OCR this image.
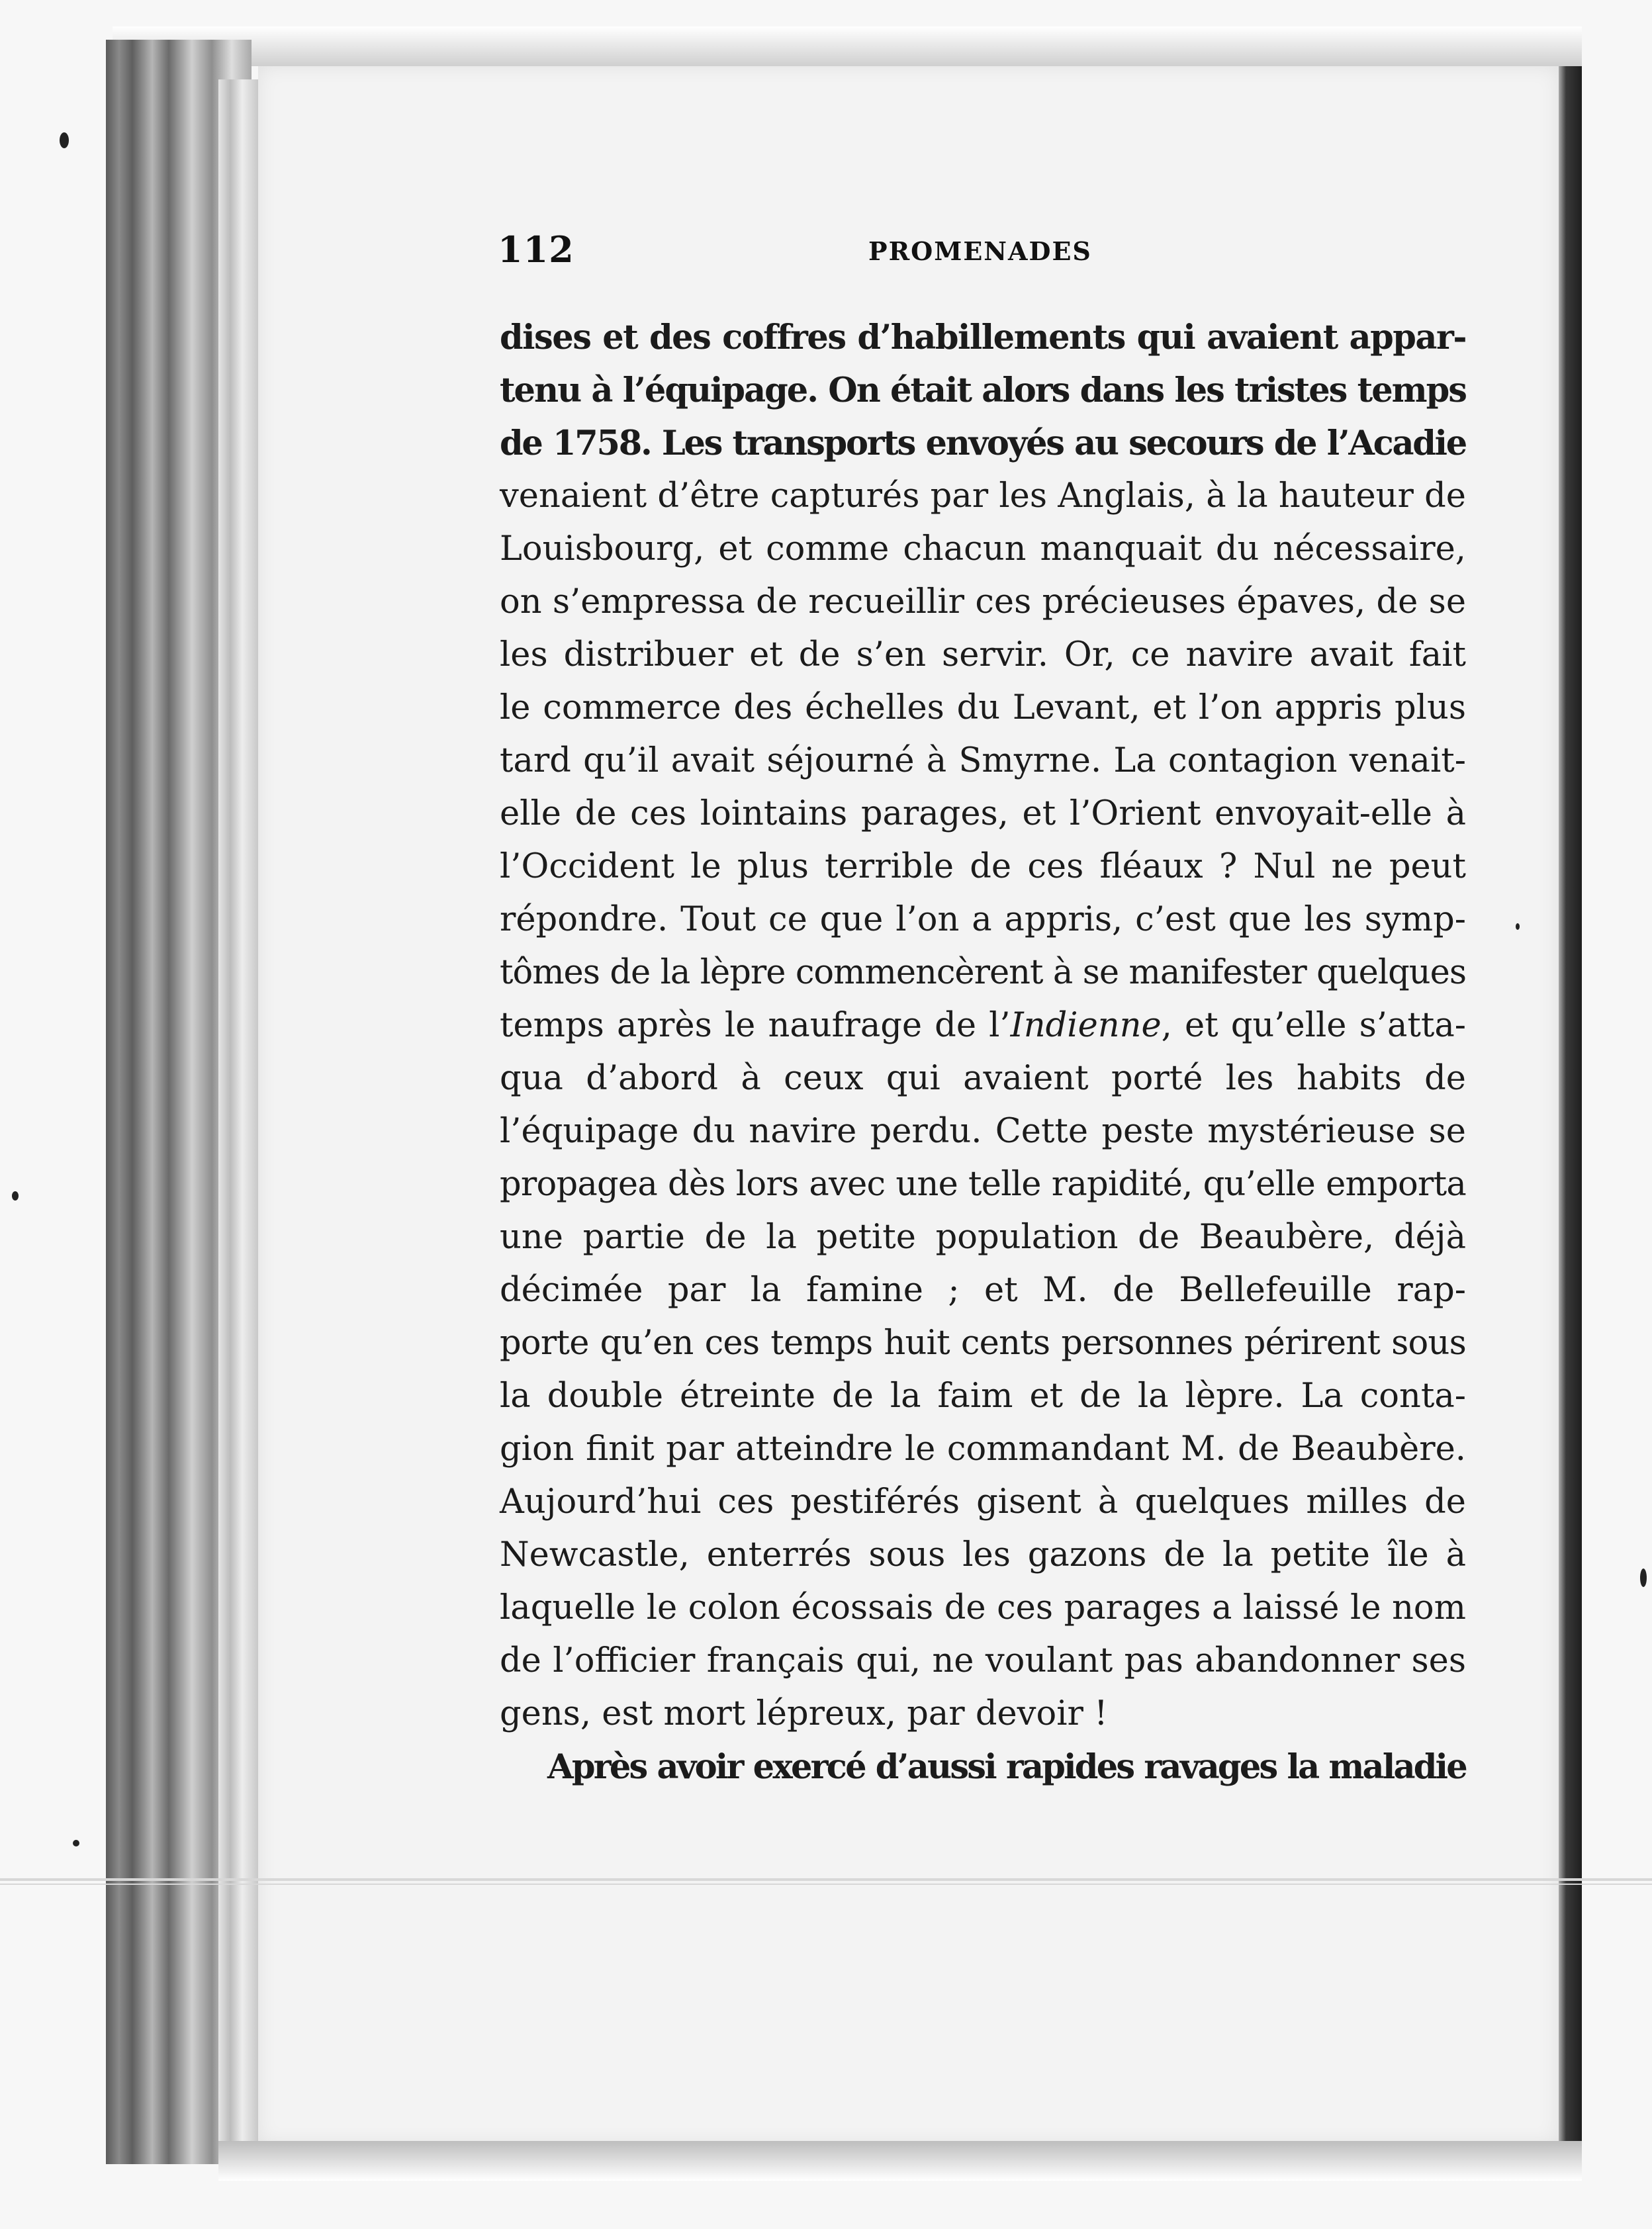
112	PROMENADES
dises et des coffres d’habillements qui avaient appar-
tenu à l’équipage. On était alors dans les tristes temps
de 1758. Les transports envoyés au secours de l’Acadie
venaient d’être capturés par les Anglais, à la hauteur de
Louisbourg, et comme chacun manquait du nécessaire,
on s’empressa de recueillir ces précieuses épaves, de se
les distribuer et de s’en servir. Or, ce navire avait fait
le commerce des échelles du Levant, et l’on appris plus
tard qu’il avait séjourné à Smyrne. La contagion venait-
elle de ces lointains parages, et l’Orient envoyait-elle à
l’Occident le plus terrible de ces fléaux ? Nul ne peut
répondre. Tout ce que l’on a appris, c’est que les symp-
tômes de la lèpre commencèrent à se manifester quelques
temps après le naufrage de l’Indienne, et qu’elle s’atta-
qua d’abord à ceux qui avaient porté les habits de
l’équipage du navire perdu. Cette peste mystérieuse se
propagea dès lors avec une telle rapidité, qu’elle emporta
une partie de la petite population de Beaubère, déjà
décimée par la famine ; et M. de Bellefeuille rap-
porte qu’en ces temps huit cents personnes périrent sous
la double étreinte de la faim et de la lèpre. La conta-
gion finit par atteindre le commandant M. de Beaubère.
Aujourd’hui ces pestiférés gisent à quelques milles de
Newcastle, enterrés sous les gazons de la petite île à
laquelle le colon écossais de ces parages a laissé le nom
de l’officier français qui, ne voulant pas abandonner ses
gens, est mort lépreux, par devoir !
Après avoir exercé d’aussi rapides ravages la maladie
